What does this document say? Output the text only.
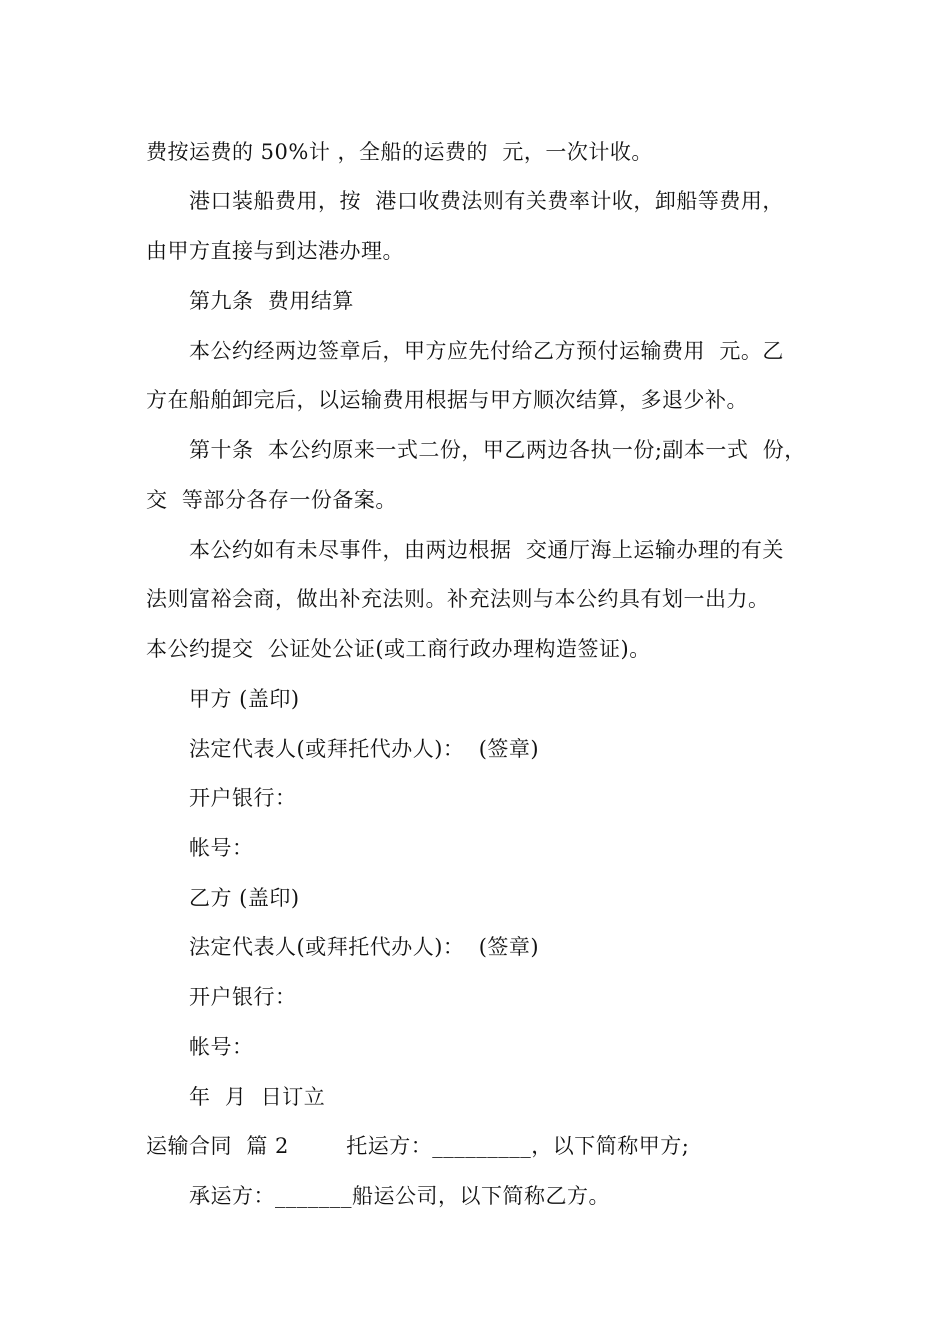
费按运费的 50%计 ，全船的运费的  元，一次计收。
港口装船费用，按  港口收费法则有关费率计收，卸船等费用，
由甲方直接与到达港办理。
第九条  费用结算
本公约经两边签章后，甲方应先付给乙方预付运输费用  元。乙
方在船舶卸完后，以运输费用根据与甲方顺次结算，多退少补。
第十条  本公约原来一式二份，甲乙两边各执一份;副本一式  份，
交  等部分各存一份备案。
本公约如有未尽事件，由两边根据  交通厅海上运输办理的有关
法则富裕会商，做出补充法则。补充法则与本公约具有划一出力。
本公约提交  公证处公证(或工商行政办理构造签证)。
甲方 (盖印)
法定代表人(或拜托代办人)：  (签章)
开户银行：
帐号：
乙方 (盖印)
法定代表人(或拜托代办人)：  (签章)
开户银行：
帐号：
年  月  日订立
运输合同  篇 2        托运方：_________，以下简称甲方;
承运方：_______船运公司，以下简称乙方。
